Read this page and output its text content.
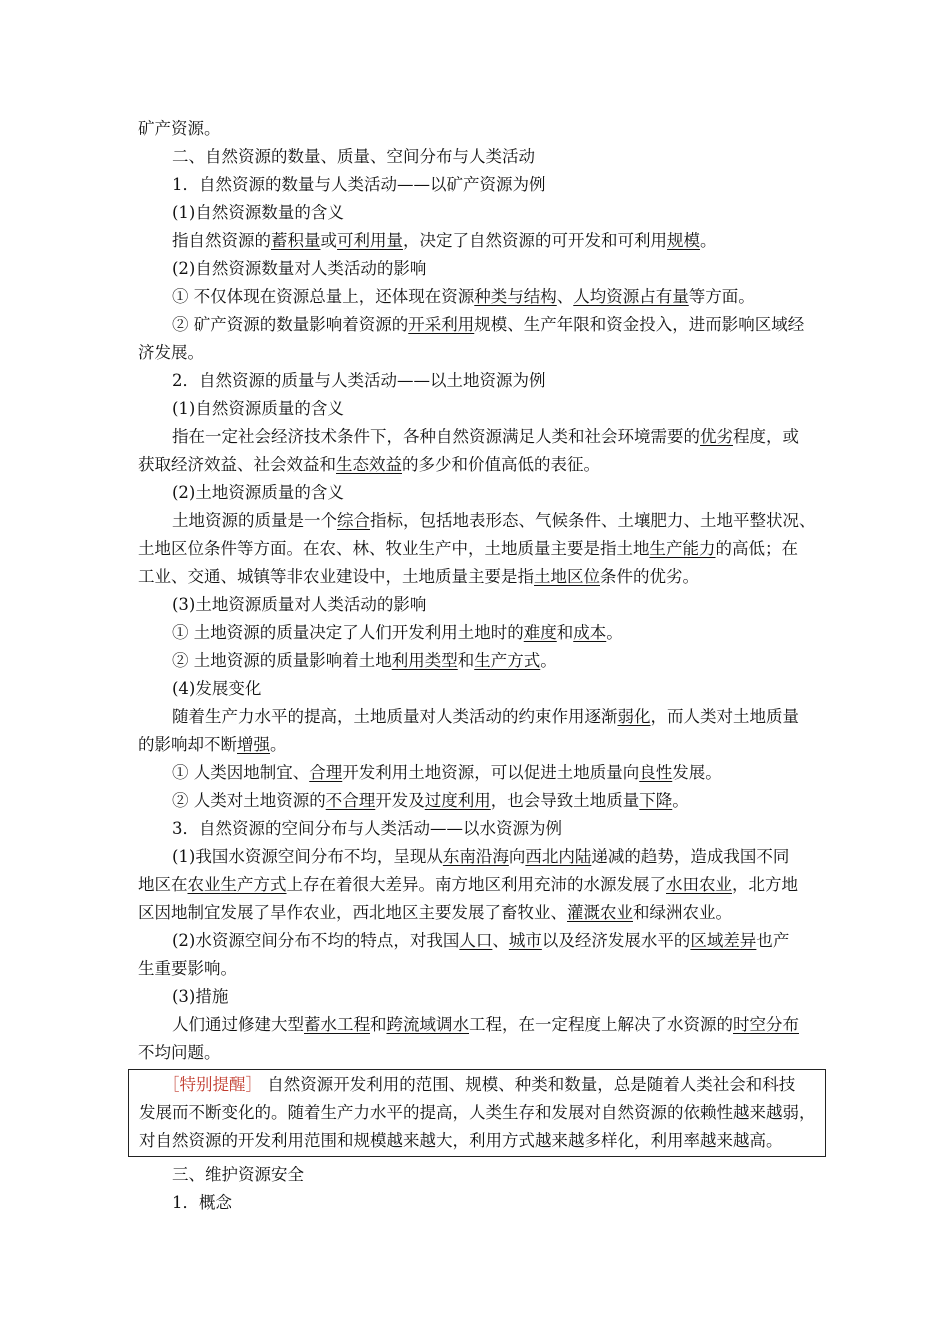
矿产资源。
二、自然资源的数量、质量、空间分布与人类活动
1．自然资源的数量与人类活动——以矿产资源为例
(1)自然资源数量的含义
指自然资源的蓄积量或可利用量，决定了自然资源的可开发和可利用规模。
(2)自然资源数量对人类活动的影响
① 不仅体现在资源总量上，还体现在资源种类与结构、人均资源占有量等方面。
② 矿产资源的数量影响着资源的开采利用规模、生产年限和资金投入，进而影响区域经
济发展。
2．自然资源的质量与人类活动——以土地资源为例
(1)自然资源质量的含义
指在一定社会经济技术条件下，各种自然资源满足人类和社会环境需要的优劣程度，或
获取经济效益、社会效益和生态效益的多少和价值高低的表征。
(2)土地资源质量的含义
土地资源的质量是一个综合指标，包括地表形态、气候条件、土壤肥力、土地平整状况、
土地区位条件等方面。在农、林、牧业生产中，土地质量主要是指土地生产能力的高低；在
工业、交通、城镇等非农业建设中，土地质量主要是指土地区位条件的优劣。
(3)土地资源质量对人类活动的影响
① 土地资源的质量决定了人们开发利用土地时的难度和成本。
② 土地资源的质量影响着土地利用类型和生产方式。
(4)发展变化
随着生产力水平的提高，土地质量对人类活动的约束作用逐渐弱化，而人类对土地质量
的影响却不断增强。
① 人类因地制宜、合理开发利用土地资源，可以促进土地质量向良性发展。
② 人类对土地资源的不合理开发及过度利用，也会导致土地质量下降。
3．自然资源的空间分布与人类活动——以水资源为例
(1)我国水资源空间分布不均，呈现从东南沿海向西北内陆递减的趋势，造成我国不同
地区在农业生产方式上存在着很大差异。南方地区利用充沛的水源发展了水田农业，北方地
区因地制宜发展了旱作农业，西北地区主要发展了畜牧业、灌溉农业和绿洲农业。
(2)水资源空间分布不均的特点，对我国人口、城市以及经济发展水平的区域差异也产
生重要影响。
(3)措施
人们通过修建大型蓄水工程和跨流域调水工程，在一定程度上解决了水资源的时空分布
不均问题。
［特别提醒］ 自然资源开发利用的范围、规模、种类和数量，总是随着人类社会和科技
发展而不断变化的。随着生产力水平的提高，人类生存和发展对自然资源的依赖性越来越弱，
对自然资源的开发利用范围和规模越来越大，利用方式越来越多样化，利用率越来越高。
三、维护资源安全
1．概念
